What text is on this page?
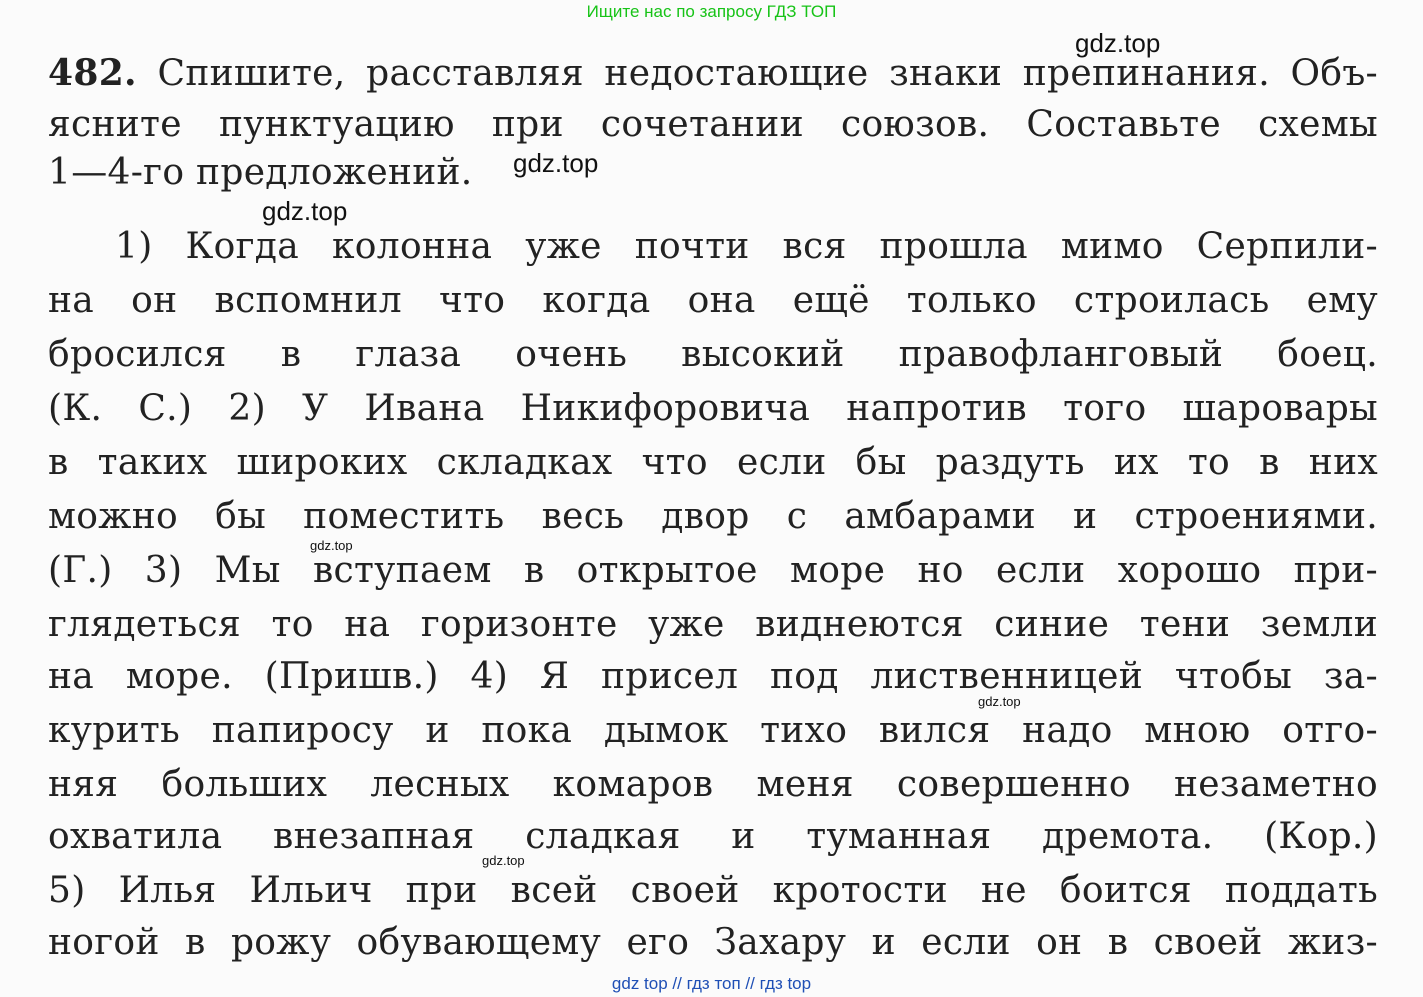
Ищите нас по запросу ГДЗ ТОП
gdz.top
gdz.top
gdz.top
gdz.top
gdz.top
gdz.top
482. Спишите, расставляя недостающие знаки препинания. Объ-
ясните пунктуацию при сочетании союзов. Составьте схемы
1—4-го предложений.
1) Когда колонна уже почти вся прошла мимо Серпили-
на он вспомнил что когда она ещё только строилась ему
бросился в глаза очень высокий правофланговый боец.
(К. С.) 2) У Ивана Никифоровича напротив того шаровары
в таких широких складках что если бы раздуть их то в них
можно бы поместить весь двор с амбарами и строениями.
(Г.) 3) Мы вступаем в открытое море но если хорошо при-
глядеться то на горизонте уже виднеются синие тени земли
на море. (Пришв.) 4) Я присел под лиственницей чтобы за-
курить папиросу и пока дымок тихо вился надо мною отго-
няя больших лесных комаров меня совершенно незаметно
охватила внезапная сладкая и туманная дремота. (Кор.)
5) Илья Ильич при всей своей кротости не боится поддать
ногой в рожу обувающему его Захару и если он в своей жиз-
gdz top // гдз топ // гдз top
